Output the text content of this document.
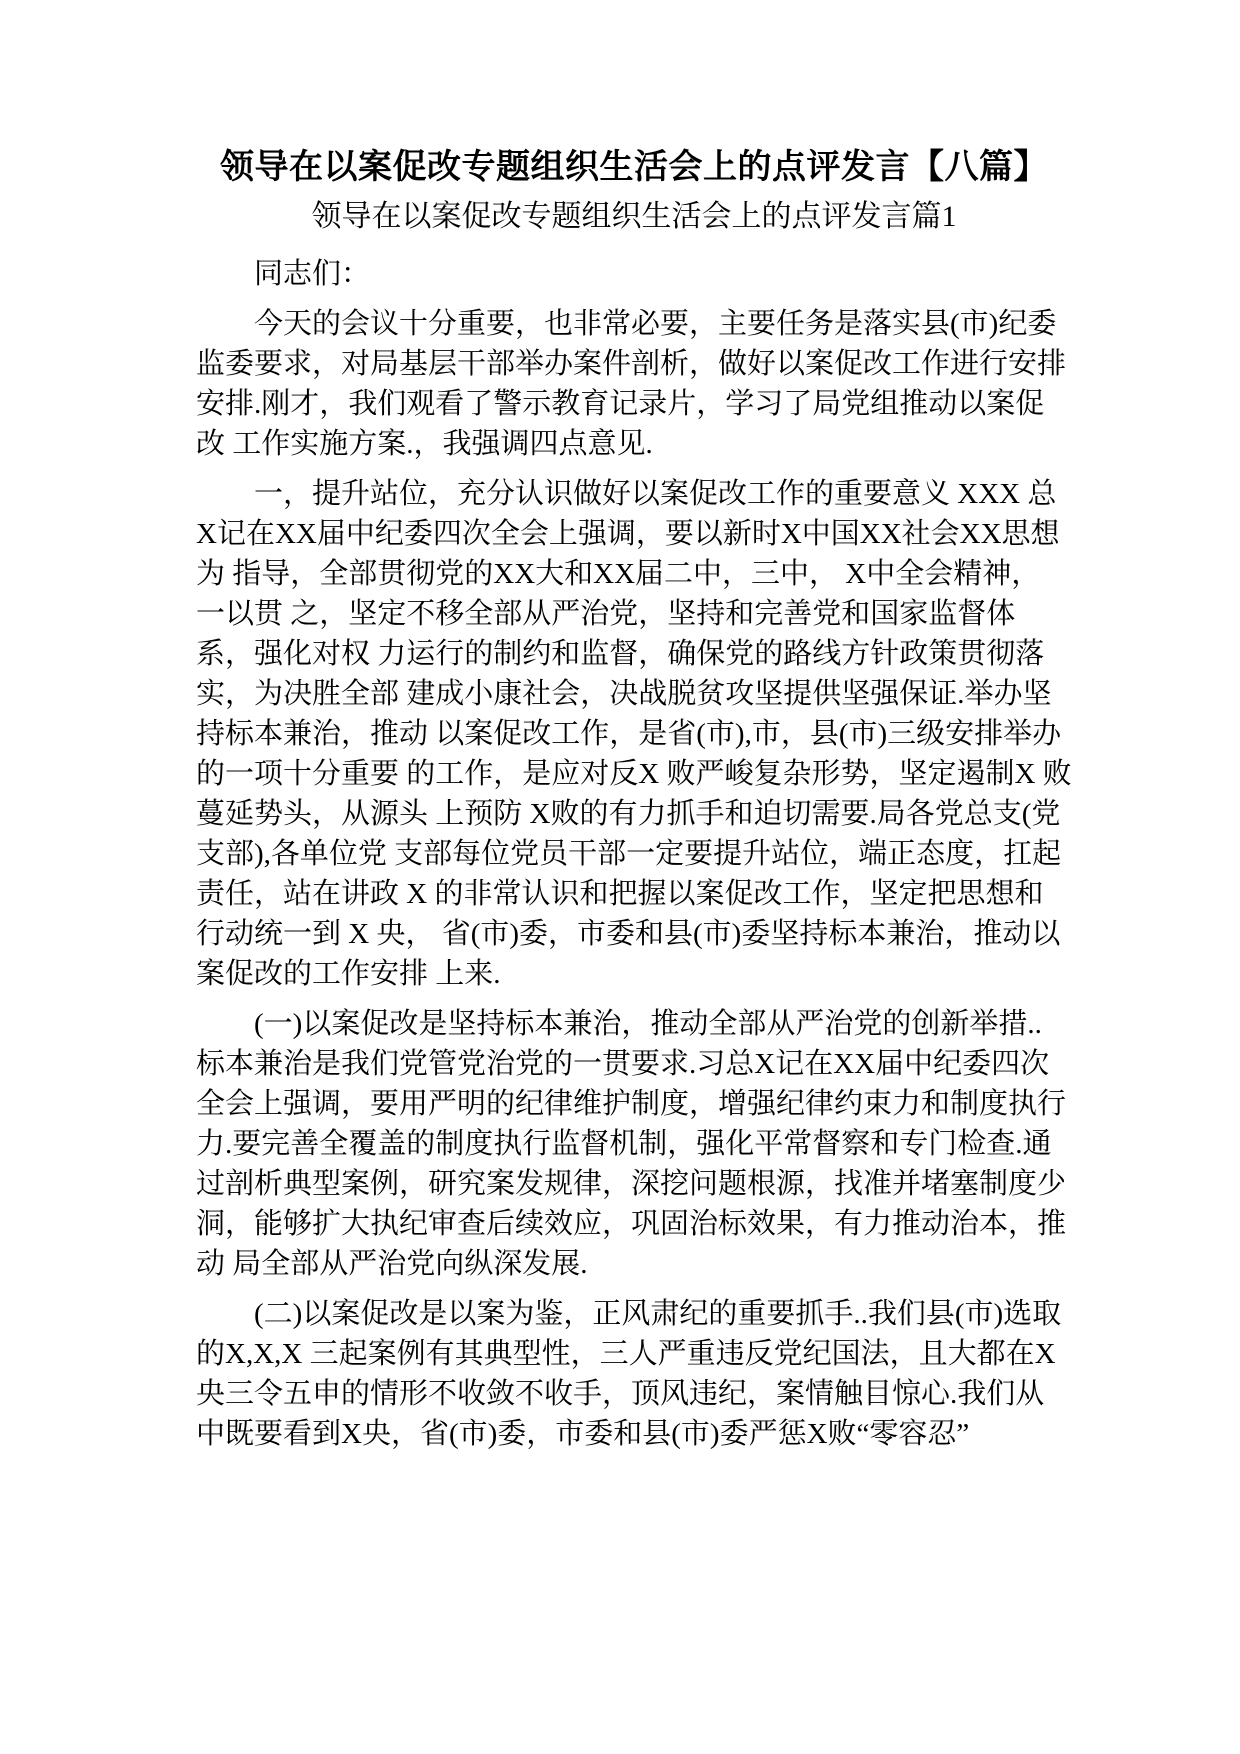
领导在以案促改专题组织生活会上的点评发言【八篇】
领导在以案促改专题组织生活会上的点评发言篇1

同志们：

今天的会议十分重要，也非常必要，主要任务是落实县(市)纪委 监委要求，对局基层干部举办案件剖析，做好以案促改工作进行安排 安排.刚才，我们观看了警示教育记录片，学习了局党组推动以案促改 工作实施方案.，我强调四点意见.

一，提升站位，充分认识做好以案促改工作的重要意义 XXX 总X记在XX届中纪委四次全会上强调，要以新时X中国XX社会XX思想为 指导，全部贯彻党的XX大和XX届二中，三中， X中全会精神， 一以贯 之，坚定不移全部从严治党，坚持和完善党和国家监督体系，强化对权 力运行的制约和监督，确保党的路线方针政策贯彻落实，为决胜全部 建成小康社会，决战脱贫攻坚提供坚强保证.举办坚持标本兼治，推动 以案促改工作，是省(市),市，县(市)三级安排举办的一项十分重要 的工作，是应对反X 败严峻复杂形势，坚定遏制X 败蔓延势头，从源头 上预防 X败的有力抓手和迫切需要.局各党总支(党支部),各单位党 支部每位党员干部一定要提升站位，端正态度，扛起责任，站在讲政 X 的非常认识和把握以案促改工作，坚定把思想和行动统一到 X 央， 省(市)委，市委和县(市)委坚持标本兼治，推动以案促改的工作安排 上来.

(一)以案促改是坚持标本兼治，推动全部从严治党的创新举措.. 标本兼治是我们党管党治党的一贯要求.习总X记在XX届中纪委四次 全会上强调，要用严明的纪律维护制度，增强纪律约束力和制度执行 力.要完善全覆盖的制度执行监督机制，强化平常督察和专门检查.通 过剖析典型案例，研究案发规律，深挖问题根源，找准并堵塞制度少 洞，能够扩大执纪审查后续效应，巩固治标效果，有力推动治本，推动 局全部从严治党向纵深发展.

(二)以案促改是以案为鉴，正风肃纪的重要抓手..我们县(市)选取的X,X,X 三起案例有其典型性，三人严重违反党纪国法，且大都在X央三令五申的情形不收敛不收手，顶风违纪，案情触目惊心.我们从中既要看到X央，省(市)委，市委和县(市)委严惩X败“零容忍”
